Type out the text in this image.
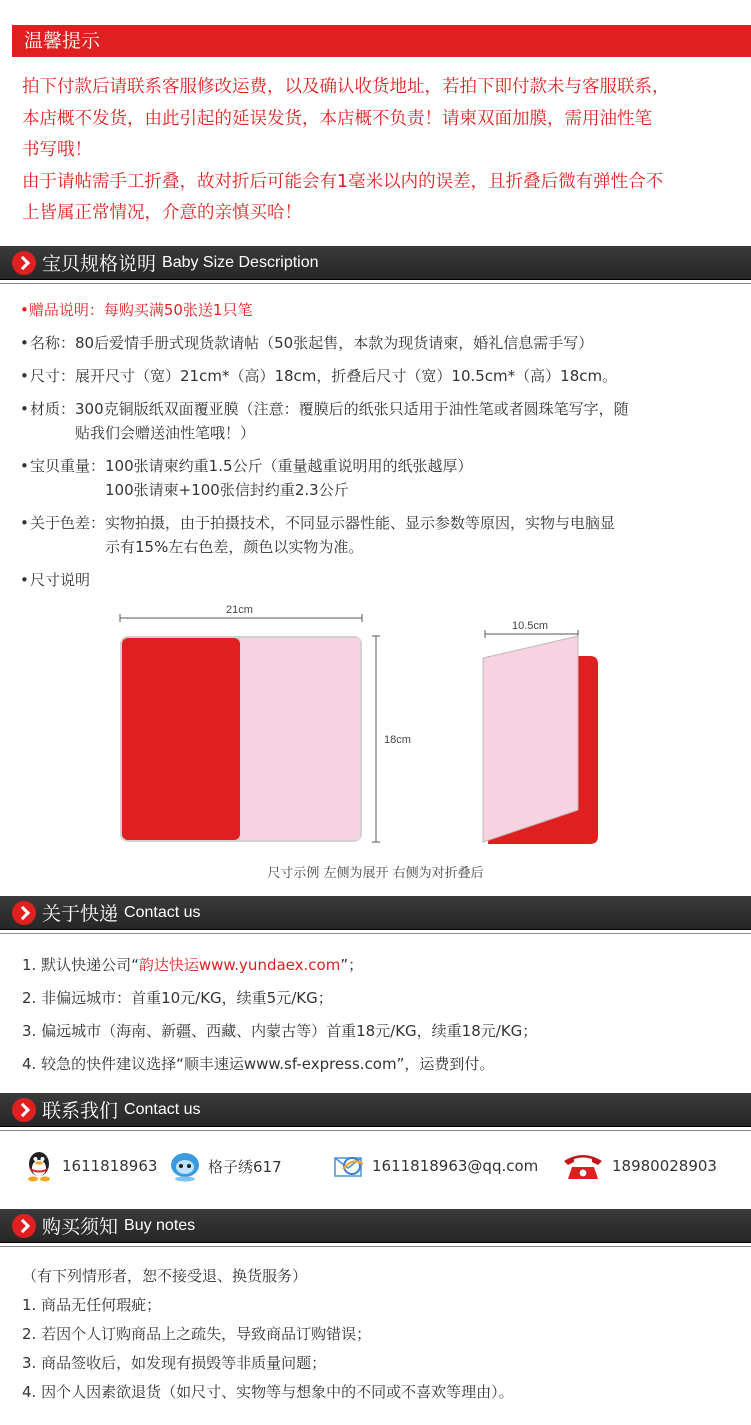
温馨提示
拍下付款后请联系客服修改运费，以及确认收货地址，若拍下即付款未与客服联系，
本店概不发货，由此引起的延误发货，本店概不负责！请柬双面加膜，需用油性笔
书写哦！
由于请帖需手工折叠，故对折后可能会有1毫米以内的误差，且折叠后微有弹性合不
上皆属正常情况，介意的亲慎买哈！
宝贝规格说明 Baby Size Description
•赠品说明：每购买满50张送1只笔
• 名称： 80后爱情手册式现货款请帖（50张起售，本款为现货请柬，婚礼信息需手写）
• 尺寸： 展开尺寸（宽）21cm*（高）18cm，折叠后尺寸（宽）10.5cm*（高）18cm。
• 材质： 300克铜版纸双面覆亚膜（注意：覆膜后的纸张只适用于油性笔或者圆珠笔写字，随
贴我们会赠送油性笔哦！）
• 宝贝重量： 100张请柬约重1.5公斤（重量越重说明用的纸张越厚）
100张请柬+100张信封约重2.3公斤
• 关于色差： 实物拍摄，由于拍摄技术，不同显示器性能、显示参数等原因，实物与电脑显
示有15%左右色差，颜色以实物为准。
• 尺寸说明
21cm
18cm
10.5cm
尺寸示例 左侧为展开 右侧为对折叠后
关于快递 Contact us
1. 默认快递公司“韵达快运www.yundaex.com”；
2. 非偏远城市：首重10元/KG，续重5元/KG；
3. 偏远城市（海南、新疆、西藏、内蒙古等）首重18元/KG，续重18元/KG；
4. 较急的快件建议选择“顺丰速运www.sf-express.com”，运费到付。
联系我们 Contact us
1611818963	格子绣617	1611818963@qq.com	18980028903
购买须知 Buy notes
（有下列情形者，恕不接受退、换货服务）
1. 商品无任何瑕疵；
2. 若因个人订购商品上之疏失，导致商品订购错误；
3. 商品签收后，如发现有损毁等非质量问题；
4. 因个人因素欲退货（如尺寸、实物等与想象中的不同或不喜欢等理由）。
